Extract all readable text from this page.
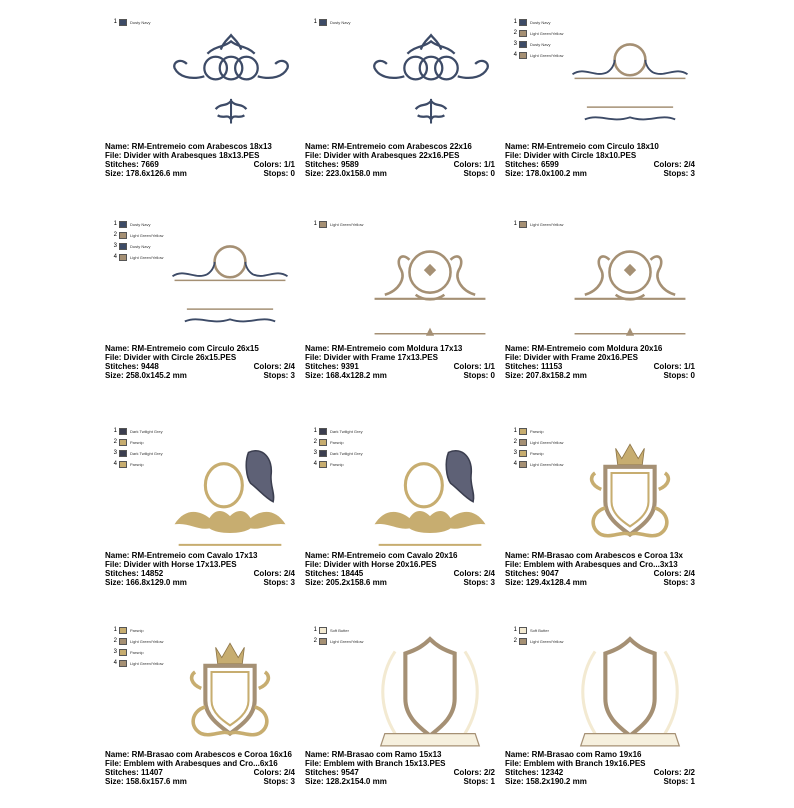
1	Dusty Navy
Name: RM-Entremeio com Arabescos 18x13
File: Divider with Arabesques 18x13.PES
Stitches: 7669	Colors: 1/1
Size: 178.6x126.6 mm	Stops: 0
1	Dusty Navy
Name: RM-Entremeio com Arabescos 22x16
File: Divider with Arabesques 22x16.PES
Stitches: 9589	Colors: 1/1
Size: 223.0x158.0 mm	Stops: 0
1	Dusty Navy
2	Light Green/Yellow
3	Dusty Navy
4	Light Green/Yellow
Name: RM-Entremeio com Circulo 18x10
File: Divider with Circle 18x10.PES
Stitches: 6599	Colors: 2/4
Size: 178.0x100.2 mm	Stops: 3
1	Dusty Navy
2	Light Green/Yellow
3	Dusty Navy
4	Light Green/Yellow
Name: RM-Entremeio com Circulo 26x15
File: Divider with Circle 26x15.PES
Stitches: 9448	Colors: 2/4
Size: 258.0x145.2 mm	Stops: 3
1	Light Green/Yellow
Name: RM-Entremeio com Moldura 17x13
File: Divider with Frame 17x13.PES
Stitches: 9391	Colors: 1/1
Size: 168.4x128.2 mm	Stops: 0
1	Light Green/Yellow
Name: RM-Entremeio com Moldura 20x16
File: Divider with Frame 20x16.PES
Stitches: 11153	Colors: 1/1
Size: 207.8x158.2 mm	Stops: 0
1	Dark Twilight Grey
2	Parsnip
3	Dark Twilight Grey
4	Parsnip
Name: RM-Entremeio com Cavalo 17x13
File: Divider with Horse 17x13.PES
Stitches: 14852	Colors: 2/4
Size: 166.8x129.0 mm	Stops: 3
1	Dark Twilight Grey
2	Parsnip
3	Dark Twilight Grey
4	Parsnip
Name: RM-Entremeio com Cavalo 20x16
File: Divider with Horse 20x16.PES
Stitches: 18445	Colors: 2/4
Size: 205.2x158.6 mm	Stops: 3
1	Parsnip
2	Light Green/Yellow
3	Parsnip
4	Light Green/Yellow
Name: RM-Brasao com Arabescos e Coroa 13x
File: Emblem with Arabesques and Cro...3x13
Stitches: 9047	Colors: 2/4
Size: 129.4x128.4 mm	Stops: 3
1	Parsnip
2	Light Green/Yellow
3	Parsnip
4	Light Green/Yellow
Name: RM-Brasao com Arabescos e Coroa 16x16
File: Emblem with Arabesques and Cro...6x16
Stitches: 11407	Colors: 2/4
Size: 158.6x157.6 mm	Stops: 3
1	Soft Butter
2	Light Green/Yellow
Name: RM-Brasao com Ramo 15x13
File: Emblem with Branch 15x13.PES
Stitches: 9547	Colors: 2/2
Size: 128.2x154.0 mm	Stops: 1
1	Soft Butter
2	Light Green/Yellow
Name: RM-Brasao com Ramo 19x16
File: Emblem with Branch 19x16.PES
Stitches: 12342	Colors: 2/2
Size: 158.2x190.2 mm	Stops: 1
